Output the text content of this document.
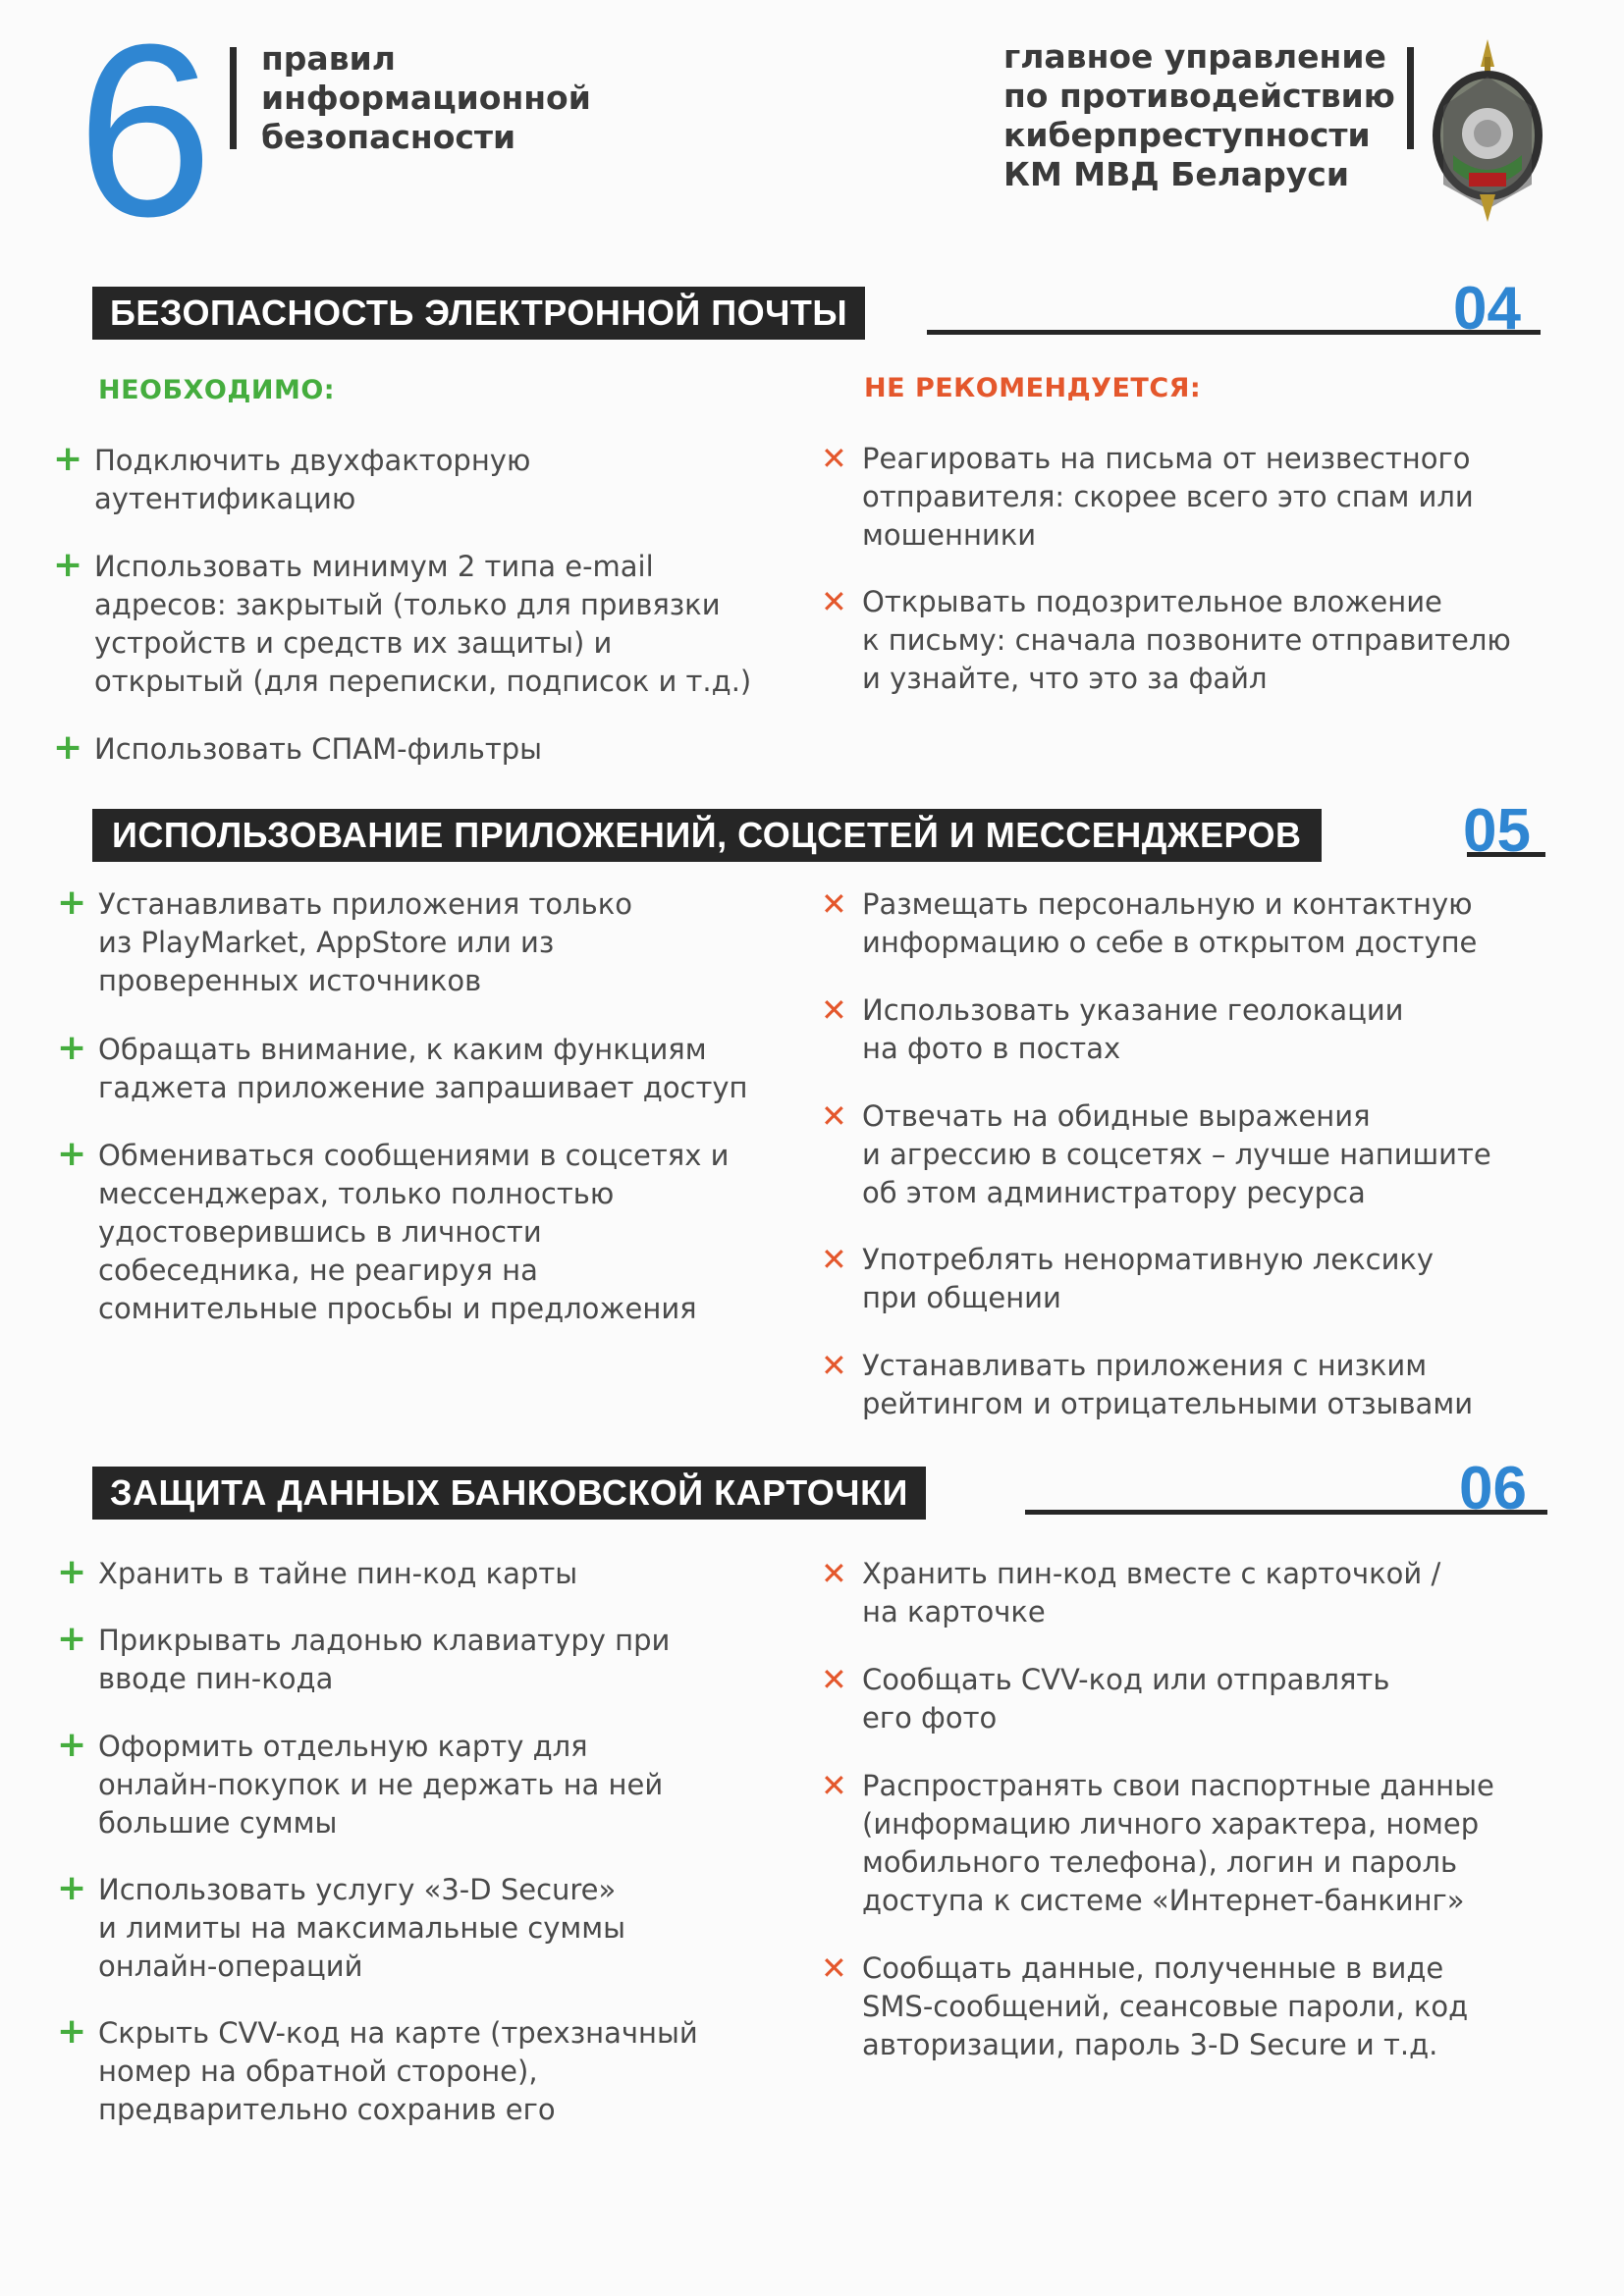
6 правил
информационной
безопасности
главное управление
по противодействию
киберпреступности
КМ МВД Беларуси
БЕЗОПАСНОСТЬ ЭЛЕКТРОННОЙ ПОЧТЫ	04
НЕОБХОДИМО:	НЕ РЕКОМЕНДУЕТСЯ:
+ Подключить двухфакторную
аутентификацию
+ Использовать минимум 2 типа e-mail
адресов: закрытый (только для привязки
устройств и средств их защиты) и
открытый (для переписки, подписок и т.д.)
+ Использовать СПАМ-фильтры
✕ Реагировать на письма от неизвестного
отправителя: скорее всего это спам или
мошенники
✕ Открывать подозрительное вложение
к письму: сначала позвоните отправителю
и узнайте, что это за файл
ИСПОЛЬЗОВАНИЕ ПРИЛОЖЕНИЙ, СОЦСЕТЕЙ И МЕССЕНДЖЕРОВ	05
+ Устанавливать приложения только
из PlayMarket, AppStore или из
проверенных источников
+ Обращать внимание, к каким функциям
гаджета приложение запрашивает доступ
+ Обмениваться сообщениями в соцсетях и
мессенджерах, только полностью
удостоверившись в личности
собеседника, не реагируя на
сомнительные просьбы и предложения
✕ Размещать персональную и контактную
информацию о себе в открытом доступе
✕ Использовать указание геолокации
на фото в постах
✕ Отвечать на обидные выражения
и агрессию в соцсетях – лучше напишите
об этом администратору ресурса
✕ Употреблять ненормативную лексику
при общении
✕ Устанавливать приложения с низким
рейтингом и отрицательными отзывами
ЗАЩИТА ДАННЫХ БАНКОВСКОЙ КАРТОЧКИ	06
+ Хранить в тайне пин-код карты
+ Прикрывать ладонью клавиатуру при
вводе пин-кода
+ Оформить отдельную карту для
онлайн-покупок и не держать на ней
большие суммы
+ Использовать услугу «3-D Secure»
и лимиты на максимальные суммы
онлайн-операций
+ Скрыть CVV-код на карте (трехзначный
номер на обратной стороне),
предварительно сохранив его
✕ Хранить пин-код вместе с карточкой /
на карточке
✕ Сообщать CVV-код или отправлять
его фото
✕ Распространять свои паспортные данные
(информацию личного характера, номер
мобильного телефона), логин и пароль
доступа к системе «Интернет-банкинг»
✕ Сообщать данные, полученные в виде
SMS-сообщений, сеансовые пароли, код
авторизации, пароль 3-D Secure и т.д.
